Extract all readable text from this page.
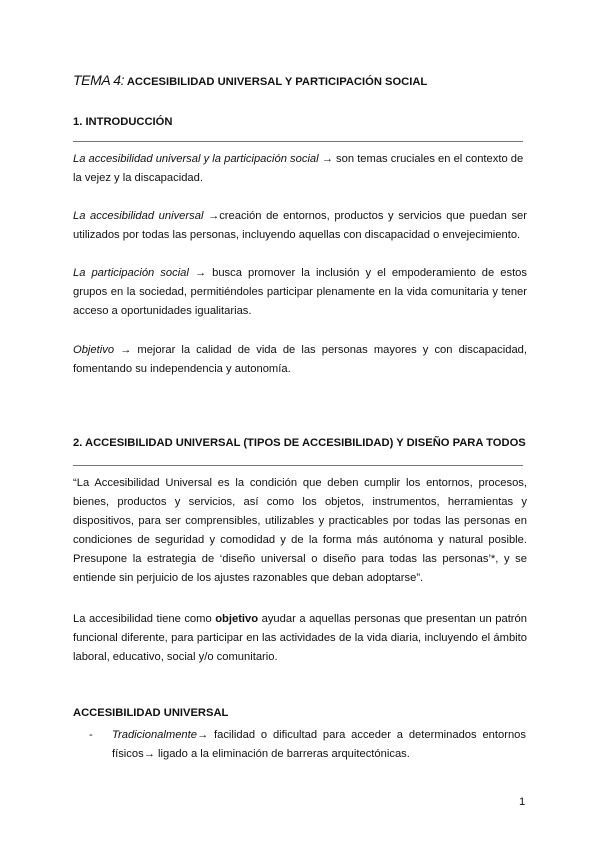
TEMA 4: ACCESIBILIDAD UNIVERSAL Y PARTICIPACIÓN SOCIAL
1. INTRODUCCIÓN
La accesibilidad universal y la participación social → son temas cruciales en el contexto de la vejez y la discapacidad.
La accesibilidad universal →creación de entornos, productos y servicios que puedan ser utilizados por todas las personas, incluyendo aquellas con discapacidad o envejecimiento.
La participación social → busca promover la inclusión y el empoderamiento de estos grupos en la sociedad, permitiéndoles participar plenamente en la vida comunitaria y tener acceso a oportunidades igualitarias.
Objetivo → mejorar la calidad de vida de las personas mayores y con discapacidad, fomentando su independencia y autonomía.
2. ACCESIBILIDAD UNIVERSAL (TIPOS DE ACCESIBILIDAD) Y DISEÑO PARA TODOS
“La Accesibilidad Universal es la condición que deben cumplir los entornos, procesos, bienes, productos y servicios, así como los objetos, instrumentos, herramientas y dispositivos, para ser comprensibles, utilizables y practicables por todas las personas en condiciones de seguridad y comodidad y de la forma más autónoma y natural posible. Presupone la estrategia de ‘diseño universal o diseño para todas las personas’*, y se entiende sin perjuicio de los ajustes razonables que deban adoptarse”.
La accesibilidad tiene como objetivo ayudar a aquellas personas que presentan un patrón funcional diferente, para participar en las actividades de la vida diaria, incluyendo el ámbito laboral, educativo, social y/o comunitario.
ACCESIBILIDAD UNIVERSAL
- Tradicionalmente→ facilidad o dificultad para acceder a determinados entornos físicos→ ligado a la eliminación de barreras arquitectónicas.
1
